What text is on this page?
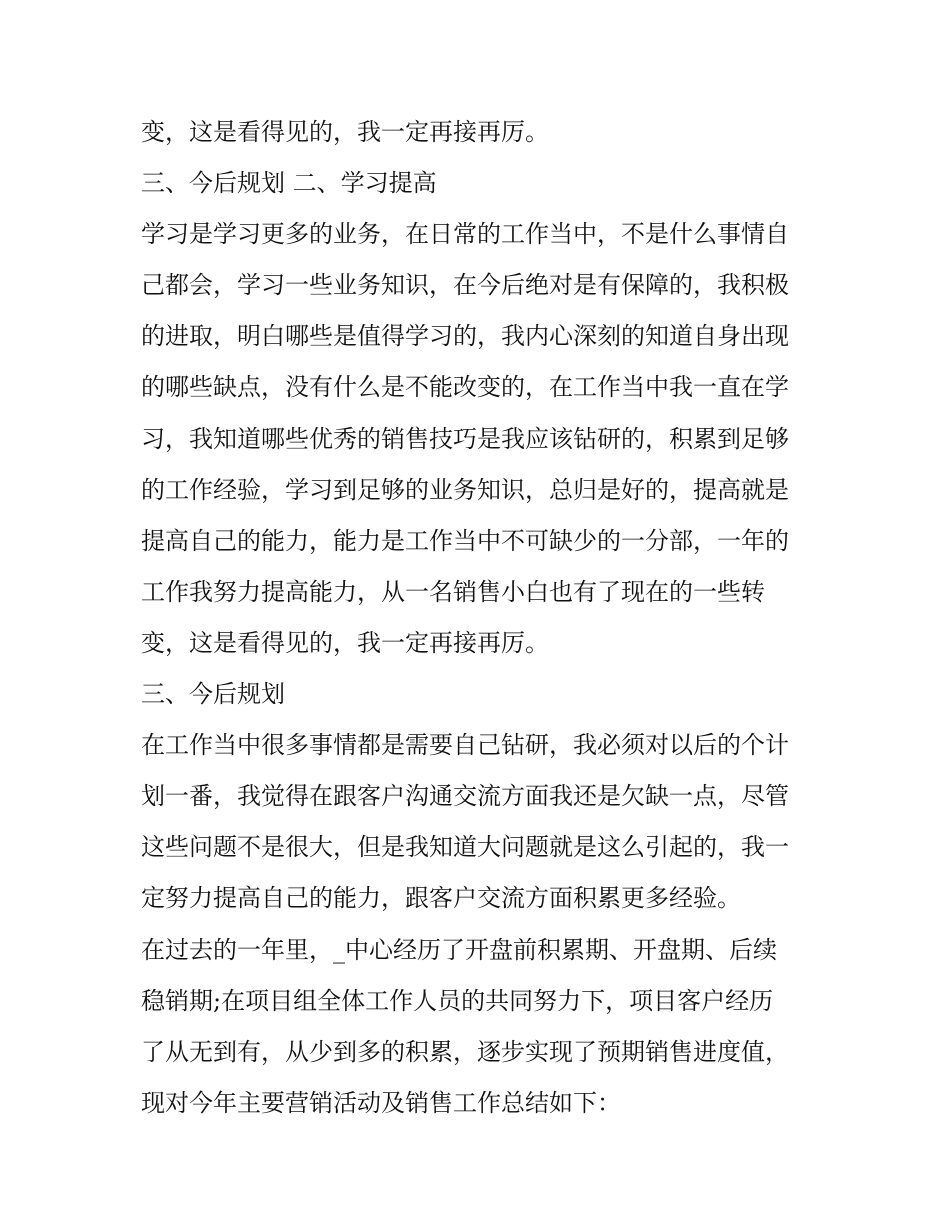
变，这是看得见的，我一定再接再厉。
三、今后规划 二、学习提高
学习是学习更多的业务，在日常的工作当中，不是什么事情自
己都会，学习一些业务知识，在今后绝对是有保障的，我积极
的进取，明白哪些是值得学习的，我内心深刻的知道自身出现
的哪些缺点，没有什么是不能改变的，在工作当中我一直在学
习，我知道哪些优秀的销售技巧是我应该钻研的，积累到足够
的工作经验，学习到足够的业务知识，总归是好的，提高就是
提高自己的能力，能力是工作当中不可缺少的一分部，一年的
工作我努力提高能力，从一名销售小白也有了现在的一些转
变，这是看得见的，我一定再接再厉。
三、今后规划
在工作当中很多事情都是需要自己钻研，我必须对以后的个计
划一番，我觉得在跟客户沟通交流方面我还是欠缺一点，尽管
这些问题不是很大，但是我知道大问题就是这么引起的，我一
定努力提高自己的能力，跟客户交流方面积累更多经验。
在过去的一年里，_中心经历了开盘前积累期、开盘期、后续
稳销期;在项目组全体工作人员的共同努力下，项目客户经历
了从无到有，从少到多的积累，逐步实现了预期销售进度值，
现对今年主要营销活动及销售工作总结如下：
